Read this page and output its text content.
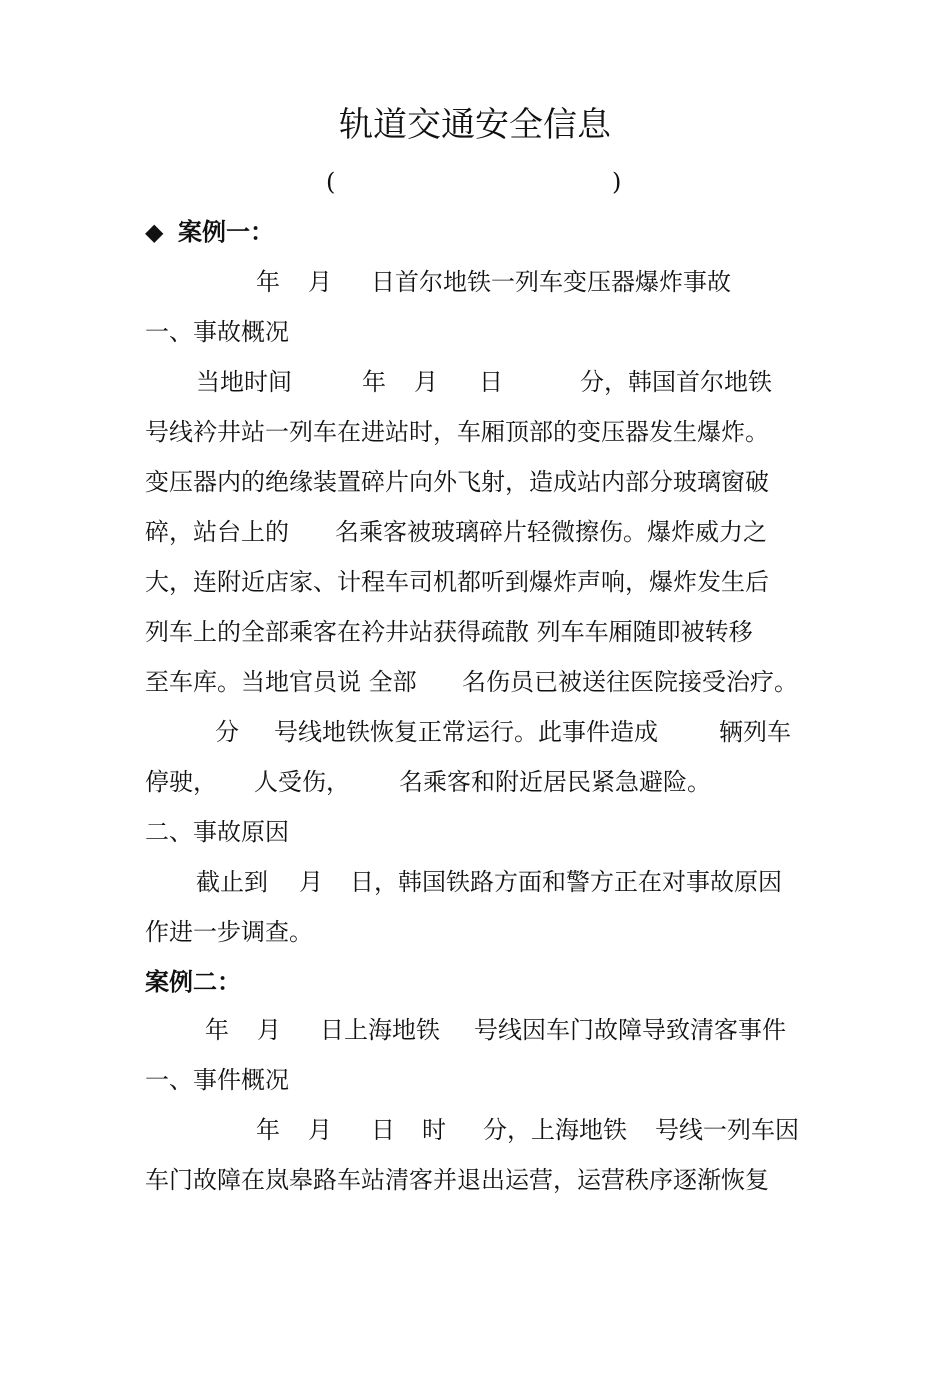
轨道交通安全信息

(

	)

◆

案例一：

年

月

日首尔地铁一列车变压器爆炸事故

一、事故概况

当地时间

	年

月

日

	分，韩国首尔地铁

号线衿井站一列车在进站时，车厢顶部的变压器发生爆炸。

变压器内的绝缘装置碎片向外飞射，造成站内部分玻璃窗破

碎，站台上的

名乘客被玻璃碎片轻微擦伤。爆炸威力之

大，连附近店家、计程车司机都听到爆炸声响，爆炸发生后

列车上的全部乘客在衿井站获得疏散 列车车厢随即被转移

至车库。当地官员说 全部

名伤员已被送往医院接受治疗。

分

号线地铁恢复正常运行。此事件造成

	辆列车

停驶，

人受伤，

名乘客和附近居民紧急避险。

二、事故原因

截止到

月

日，韩国铁路方面和警方正在对事故原因

作进一步调查。

案例二：

年

月

日上海地铁

号线因车门故障导致清客事件

一、事件概况

年

月

日

时

分，上海地铁

号线一列车因

车门故障在岚皋路车站清客并退出运营，运营秩序逐渐恢复
